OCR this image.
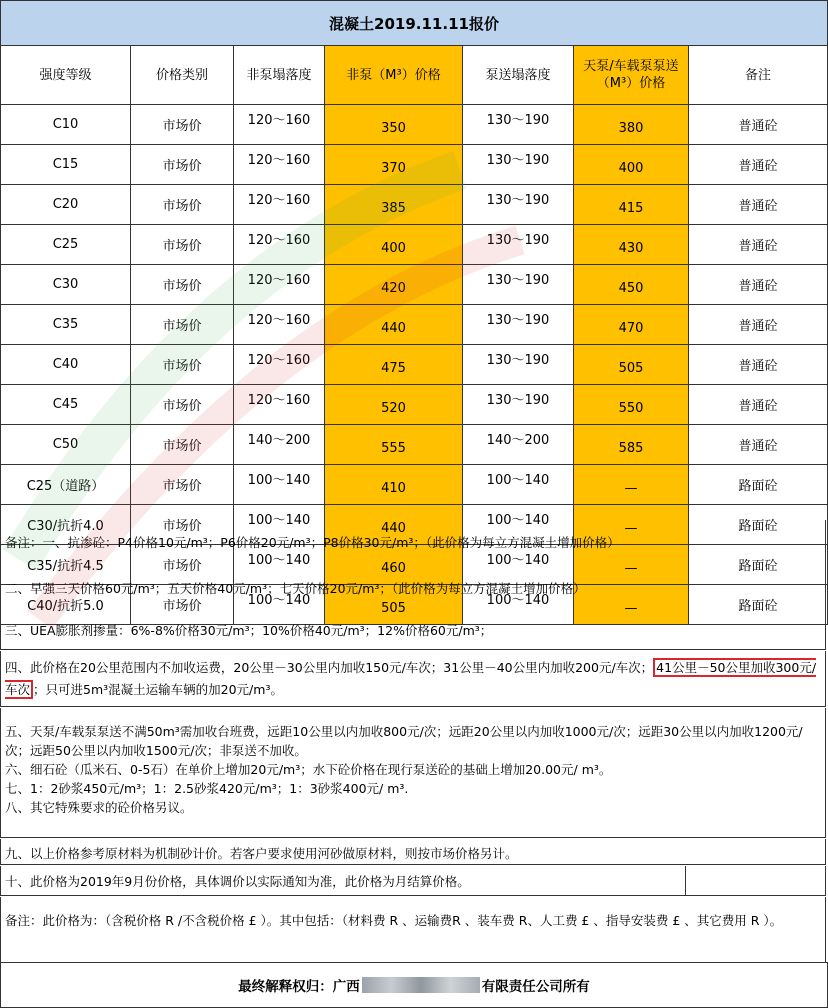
混凝土2019.11.11报价
强度等级	价格类别	非泵塌落度	非泵（M³）价格	泵送塌落度	天泵/车载泵泵送（M³）价格	备注
C10	市场价	120～160	350	130～190	380	普通砼
C15	市场价	120～160	370	130～190	400	普通砼
C20	市场价	120～160	385	130～190	415	普通砼
C25	市场价	120～160	400	130～190	430	普通砼
C30	市场价	120～160	420	130～190	450	普通砼
C35	市场价	120～160	440	130～190	470	普通砼
C40	市场价	120～160	475	130～190	505	普通砼
C45	市场价	120～160	520	130～190	550	普通砼
C50	市场价	140～200	555	140～200	585	普通砼
C25（道路）	市场价	100～140	410	100～140	—	路面砼
C30/抗折4.0	市场价	100～140	440	100～140	—	路面砼
C35/抗折4.5	市场价	100～140	460	100～140	—	路面砼
C40/抗折5.0	市场价	100～140	505	100～140	—	路面砼
备注：一、抗渗砼：P4价格10元/m³；P6价格20元/m³；P8价格30元/m³；（此价格为每立方混凝土增加价格）
二、早强三天价格60元/m³；五天价格40元/m³；七天价格20元/m³；（此价格为每立方混凝土增加价格）
三、UEA膨胀剂掺量：6%-8%价格30元/m³；10%价格40元/m³；12%价格60元/m³；
四、此价格在20公里范围内不加收运费，20公里－30公里内加收150元/车次；31公里－40公里内加收200元/车次； 41公里－50公里加收300元/车次 ；只可进5m³混凝土运输车辆的加20元/m³。
五、天泵/车载泵泵送不满50m³需加收台班费，远距10公里以内加收800元/次；远距20公里以内加收1000元/次；远距30公里以内加收1200元/次；远距50公里以内加收1500元/次；非泵送不加收。
六、细石砼（瓜米石、0-5石）在单价上增加20元/m³；水下砼价格在现行泵送砼的基础上增加20.00元/ m³。
七、1：2砂浆450元/m³；1：2.5砂浆420元/m³；1：3砂浆400元/ m³.
八、其它特殊要求的砼价格另议。
九、以上价格参考原材料为机制砂计价。若客户要求使用河砂做原材料，则按市场价格另计。
十、此价格为2019年9月份价格，具体调价以实际通知为准，此价格为月结算价格。
备注：此价格为：（含税价格 R /不含税价格 £ ）。其中包括：（材料费 R 、运输费R 、装车费 R、人工费 £ 、指导安装费 £ 、其它费用 R ）。
最终解释权归：广西	有限责任公司所有
